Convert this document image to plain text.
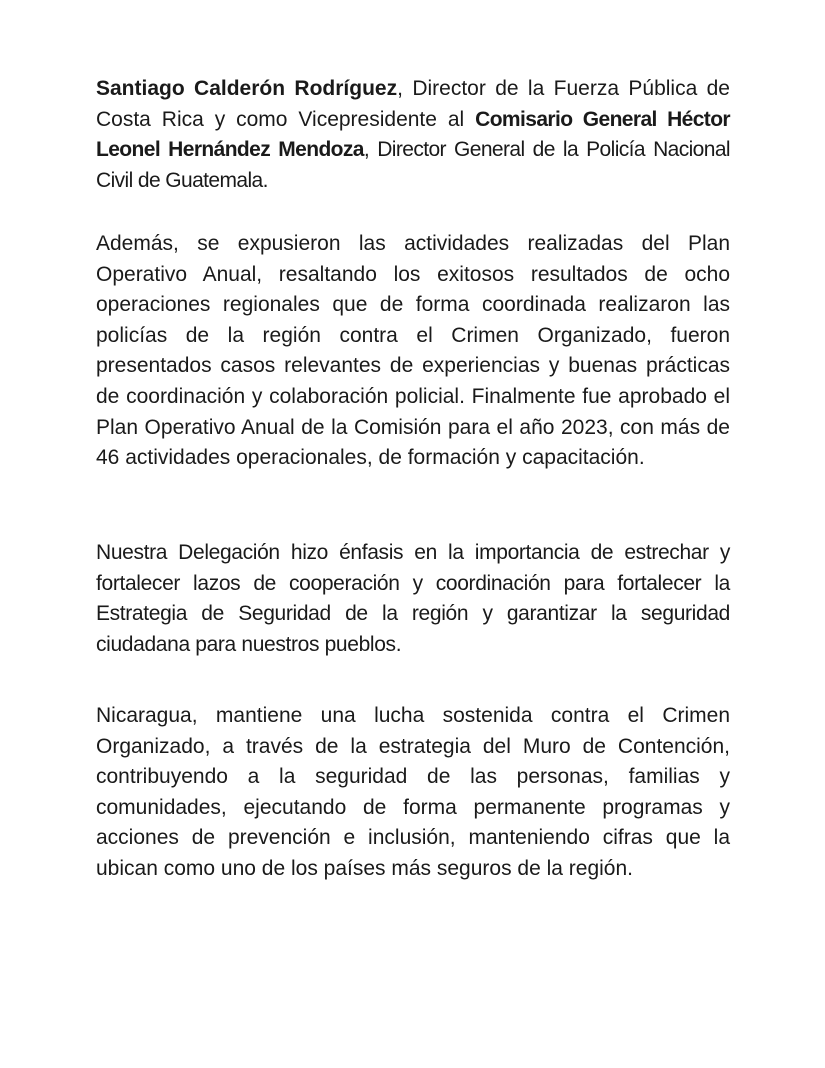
Santiago Calderón Rodríguez, Director de la Fuerza Pública de Costa Rica y como Vicepresidente al Comisario General Héctor Leonel Hernández Mendoza, Director General de la Policía Nacional Civil de Guatemala.

Además, se expusieron las actividades realizadas del Plan Operativo Anual, resaltando los exitosos resultados de ocho operaciones regionales que de forma coordinada realizaron las policías de la región contra el Crimen Organizado, fueron presentados casos relevantes de experiencias y buenas prácticas de coordinación y colaboración policial. Finalmente fue aprobado el Plan Operativo Anual de la Comisión para el año 2023, con más de 46 actividades operacionales, de formación y capacitación.

Nuestra Delegación hizo énfasis en la importancia de estrechar y fortalecer lazos de cooperación y coordinación para fortalecer la Estrategia de Seguridad de la región y garantizar la seguridad ciudadana para nuestros pueblos.

Nicaragua, mantiene una lucha sostenida contra el Crimen Organizado, a través de la estrategia del Muro de Contención, contribuyendo a la seguridad de las personas, familias y comunidades, ejecutando de forma permanente programas y acciones de prevención e inclusión, manteniendo cifras que la ubican como uno de los países más seguros de la región.
